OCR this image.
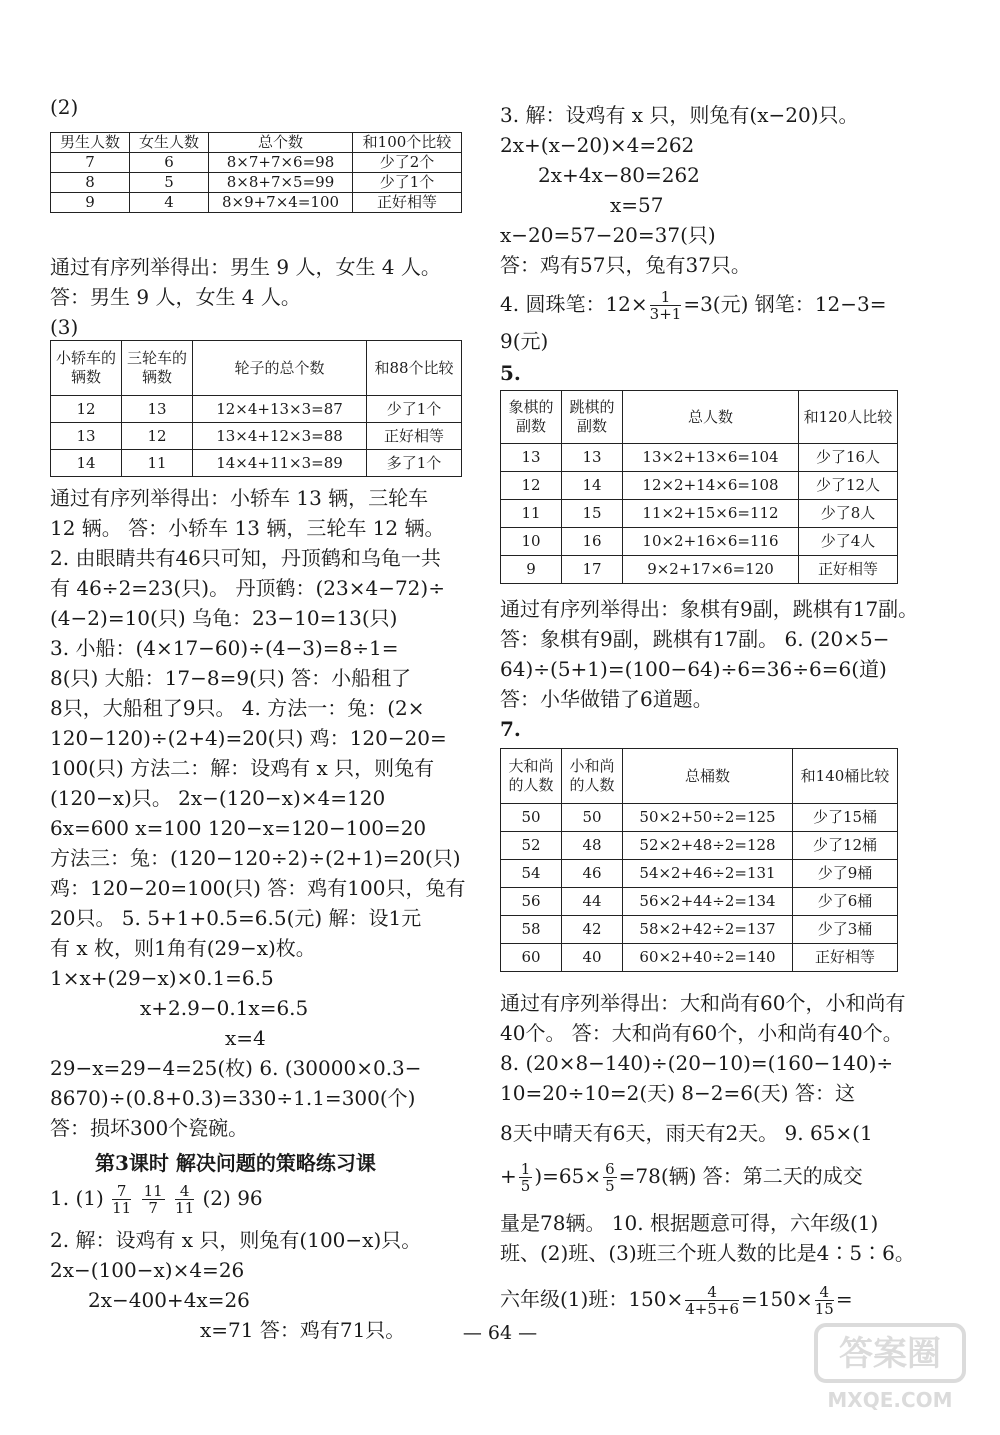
(2)
男生人数	女生人数	总个数	和100个比较
7	6	8×7+7×6=98	少了2个
8	5	8×8+7×5=99	少了1个
9	4	8×9+7×4=100	正好相等
通过有序列举得出：男生 9 人，女生 4 人。
答：男生 9 人，女生 4 人。
(3)
小轿车的辆数	三轮车的辆数	轮子的总个数	和88个比较
12	13	12×4+13×3=87	少了1个
13	12	13×4+12×3=88	正好相等
14	11	14×4+11×3=89	多了1个
通过有序列举得出：小轿车 13 辆，三轮车
12 辆。 答：小轿车 13 辆，三轮车 12 辆。
2. 由眼睛共有46只可知，丹顶鹤和乌龟一共
有 46÷2=23(只)。 丹顶鹤：(23×4−72)÷
(4−2)=10(只) 乌龟：23−10=13(只)
3. 小船：(4×17−60)÷(4−3)=8÷1=
8(只) 大船：17−8=9(只) 答：小船租了
8只，大船租了9只。 4. 方法一：兔：(2×
120−120)÷(2+4)=20(只) 鸡：120−20=
100(只) 方法二：解：设鸡有 x 只，则兔有
(120−x)只。 2x−(120−x)×4=120
6x=600 x=100 120−x=120−100=20
方法三：兔：(120−120÷2)÷(2+1)=20(只)
鸡：120−20=100(只) 答：鸡有100只，兔有
20只。 5. 5+1+0.5=6.5(元) 解：设1元
有 x 枚，则1角有(29−x)枚。
1×x+(29−x)×0.1=6.5
x+2.9−0.1x=6.5
x=4
29−x=29−4=25(枚) 6. (30000×0.3−
8670)÷(0.8+0.3)=330÷1.1=300(个)
答：损坏300个瓷碗。
第3课时 解决问题的策略练习课
1. $(1) \frac{7}{11}$
$\frac{11}{7}$
$\frac{4}{11} (2)$ 96
2. 解：设鸡有 x 只，则兔有(100−x)只。
2x−(100−x)×4=26
2x−400+4x=26
x=71 答：鸡有71只。
3. 解：设鸡有 x 只，则兔有(x−20)只。
2x+(x−20)×4=262
2x+4x−80=262
x=57
x−20=57−20=37(只)
答：鸡有57只，兔有37只。
4. 圆珠笔：$12\times \frac{1}{3+1} =3$(元) 钢笔：12−3=
9(元)
5.
象棋的副数	跳棋的副数	总人数	和120人比较
13	13	13×2+13×6=104	少了16人
12	14	12×2+14×6=108	少了12人
11	15	11×2+15×6=112	少了8人
10	16	10×2+16×6=116	少了4人
9	17	9×2+17×6=120	正好相等
通过有序列举得出：象棋有9副，跳棋有17副。
答：象棋有9副，跳棋有17副。 6. (20×5−
64)÷(5+1)=(100−64)÷6=36÷6=6(道)
答：小华做错了6道题。
7.
大和尚的人数	小和尚的人数	总桶数	和140桶比较
50	50	50×2+50÷2=125	少了15桶
52	48	52×2+48÷2=128	少了12桶
54	46	54×2+46÷2=131	少了9桶
56	44	56×2+44÷2=134	少了6桶
58	42	58×2+42÷2=137	少了3桶
60	40	60×2+40÷2=140	正好相等
通过有序列举得出：大和尚有60个，小和尚有
40个。 答：大和尚有60个，小和尚有40个。
8. (20×8−140)÷(20−10)=(160−140)÷
10=20÷10=2(天) 8−2=6(天) 答：这
8天中晴天有6天，雨天有2天。 9. 65×(1
+ $\frac{1}{5} )=65\times \frac{6}{5} =78$(辆) 答：第二天的成交
量是78辆。 10. 根据题意可得，六年级(1)
班、(2)班、(3)班三个班人数的比是4∶5∶6。
六年级(1)班：$150\times \frac{4}{4+5+6} =150\times \frac{4}{15}$ =
— 64 —
答案圈
MXQE.COM
